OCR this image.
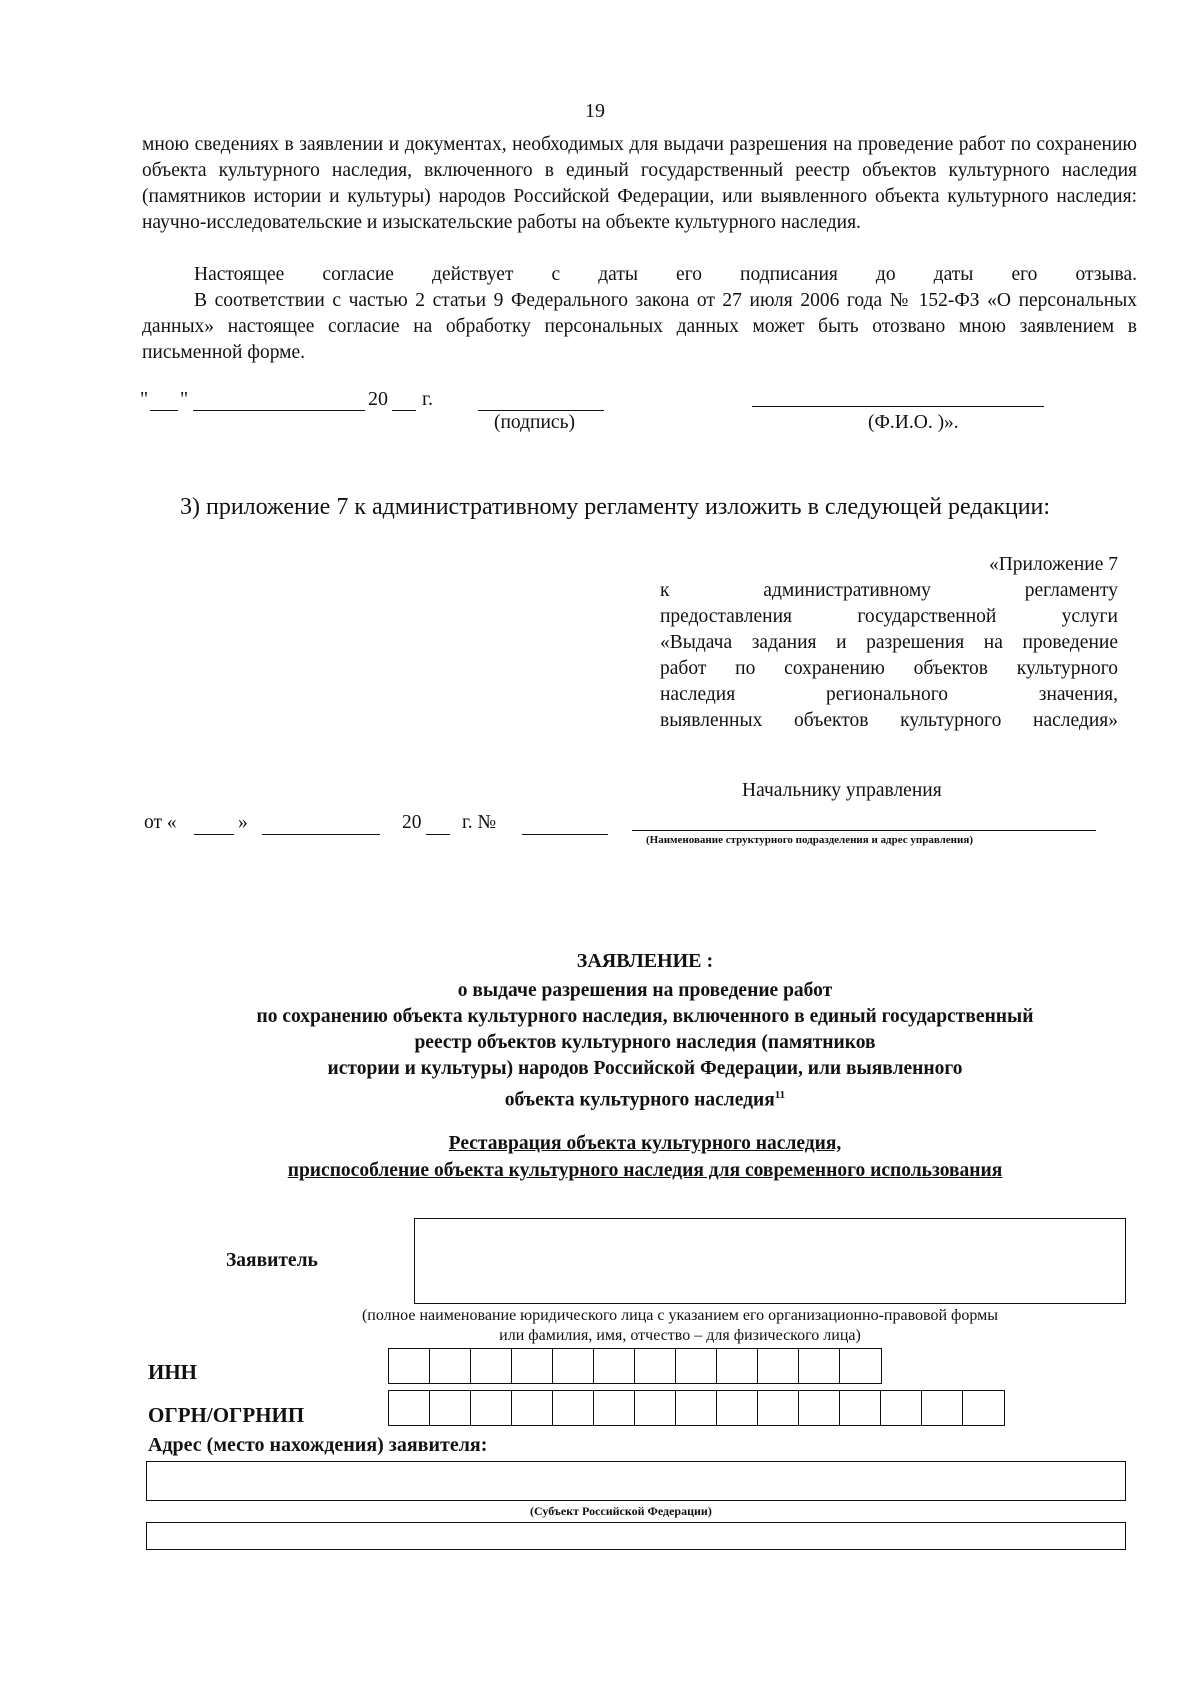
19
мною сведениях в заявлении и документах, необходимых для выдачи разрешения на проведение работ по сохранению объекта культурного наследия, включенного в единый государственный реестр объектов культурного наследия (памятников истории и культуры) народов Российской Федерации, или выявленного объекта культурного наследия: научно-исследовательские и изыскательские работы на объекте культурного наследия.
Настоящее согласие действует с даты его подписания до даты его отзыва.
В соответствии с частью 2 статьи 9 Федерального закона от 27 июля 2006 года № 152-ФЗ «О персональных данных» настоящее согласие на обработку персональных данных может быть отозвано мною заявлением в письменной форме.
" "	20 г.
(подпись)	(Ф.И.О. )».
3) приложение 7 к административному регламенту изложить в следующей редакции:
«Приложение 7
к административному регламенту
предоставления государственной услуги
«Выдача задания и разрешения на проведение
работ по сохранению объектов культурного
наследия регионального значения,
выявленных объектов культурного наследия»
Начальнику управления
от «	»	20 г. №
(Наименование структурного подразделения и адрес управления)
ЗАЯВЛЕНИЕ :
о выдаче разрешения на проведение работ
по сохранению объекта культурного наследия, включенного в единый государственный
реестр объектов культурного наследия (памятников
истории и культуры) народов Российской Федерации, или выявленного
объекта культурного наследия$^{11}$
Реставрация объекта культурного наследия,
приспособление объекта культурного наследия для современного использования
Заявитель
(полное наименование юридического лица с указанием его организационно-правовой формы
или фамилия, имя, отчество – для физического лица)
ИНН
ОГРН/ОГРНИП
Адрес (место нахождения) заявителя:
(Субъект Российской Федерации)
